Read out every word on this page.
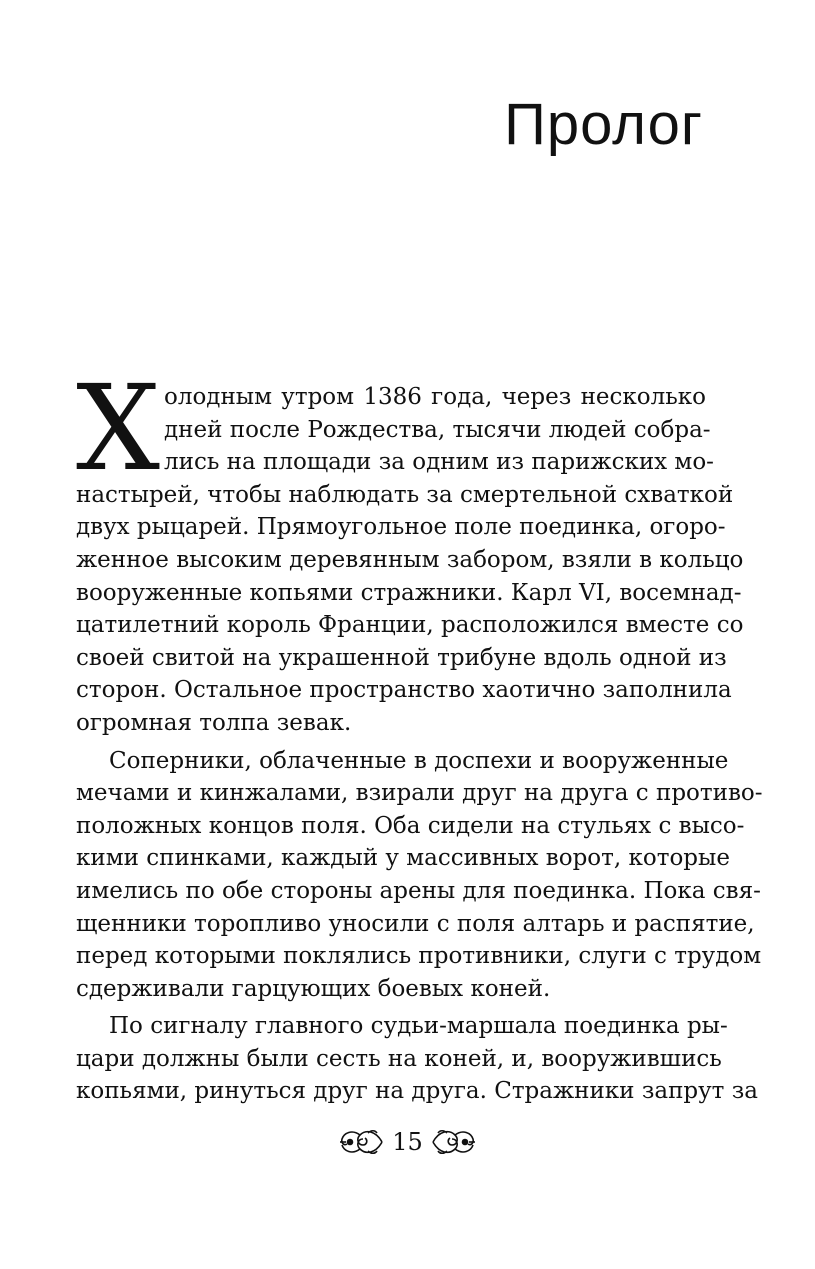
Пролог
Х олодным утром 1386 года, через несколько
дней после Рождества, тысячи людей собра-
лись на площади за одним из парижских мо-
настырей, чтобы наблюдать за смертельной схваткой
двух рыцарей. Прямоугольное поле поединка, огоро-
женное высоким деревянным забором, взяли в кольцо
вооруженные копьями стражники. Карл VI, восемнад-
цатилетний король Франции, расположился вместе со
своей свитой на украшенной трибуне вдоль одной из
сторон. Остальное пространство хаотично заполнила
огромная толпа зевак.
Соперники, облаченные в доспехи и вооруженные
мечами и кинжалами, взирали друг на друга с противо-
положных концов поля. Оба сидели на стульях с высо-
кими спинками, каждый у массивных ворот, которые
имелись по обе стороны арены для поединка. Пока свя-
щенники торопливо уносили с поля алтарь и распятие,
перед которыми поклялись противники, слуги с трудом
сдерживали гарцующих боевых коней.
По сигналу главного судьи-маршала поединка ры-
цари должны были сесть на коней, и, вооружившись
копьями, ринуться друг на друга. Стражники запрут за
15
